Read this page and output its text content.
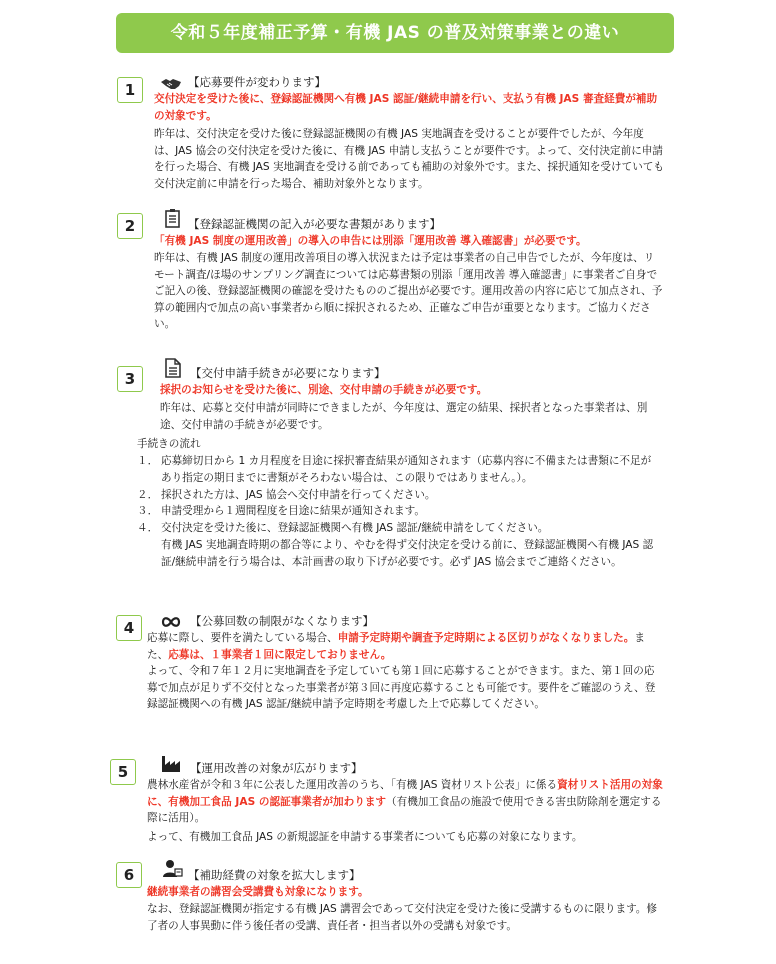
令和５年度補正予算・有機 JAS の普及対策事業との違い
1	【応募要件が変わります】
交付決定を受けた後に、登録認証機関へ有機 JAS 認証/継続申請を行い、支払う有機 JAS 審査経費が補助の対象です。
昨年は、交付決定を受けた後に登録認証機関の有機 JAS 実地調査を受けることが要件でしたが、今年度は、JAS 協会の交付決定を受けた後に、有機 JAS 申請し支払うことが要件です。よって、交付決定前に申請を行った場合、有機 JAS 実地調査を受ける前であっても補助の対象外です。また、採択通知を受けていても交付決定前に申請を行った場合、補助対象外となります。
2	【登録認証機関の記入が必要な書類があります】
「有機 JAS 制度の運用改善」の導入の申告には別添「運用改善 導入確認書」が必要です。
昨年は、有機 JAS 制度の運用改善項目の導入状況または予定は事業者の自己申告でしたが、今年度は、リモート調査/ほ場のサンプリング調査については応募書類の別添「運用改善 導入確認書」に事業者ご自身でご記入の後、登録認証機関の確認を受けたもののご提出が必要です。運用改善の内容に応じて加点され、予算の範囲内で加点の高い事業者から順に採択されるため、正確なご申告が重要となります。ご協力ください。
3	【交付申請手続きが必要になります】
採択のお知らせを受けた後に、別途、交付申請の手続きが必要です。
昨年は、応募と交付申請が同時にできましたが、今年度は、選定の結果、採択者となった事業者は、別途、交付申請の手続きが必要です。
手続きの流れ
１． 応募締切日から 1 カ月程度を目途に採択審査結果が通知されます（応募内容に不備または書類に不足があり指定の期日までに書類がそろわない場合は、この限りではありません。）。
２． 採択された方は、JAS 協会へ交付申請を行ってください。
３． 申請受理から１週間程度を目途に結果が通知されます。
４． 交付決定を受けた後に、登録認証機関へ有機 JAS 認証/継続申請をしてください。
有機 JAS 実地調査時期の都合等により、やむを得ず交付決定を受ける前に、登録認証機関へ有機 JAS 認証/継続申請を行う場合は、本計画書の取り下げが必要です。必ず JAS 協会までご連絡ください。
4	【公募回数の制限がなくなります】
応募に際し、要件を満たしている場合、申請予定時期や調査予定時期による区切りがなくなりました。また、応募は、１事業者１回に限定しておりません。
よって、令和７年１２月に実地調査を予定していても第１回に応募することができます。また、第１回の応募で加点が足りず不交付となった事業者が第３回に再度応募することも可能です。要件をご確認のうえ、登録認証機関への有機 JAS 認証/継続申請予定時期を考慮した上で応募してください。
5	【運用改善の対象が広がります】
農林水産省が令和３年に公表した運用改善のうち、「有機 JAS 資材リスト公表」に係る資材リスト活用の対象に、有機加工食品 JAS の認証事業者が加わります（有機加工食品の施設で使用できる害虫防除剤を選定する際に活用）。
よって、有機加工食品 JAS の新規認証を申請する事業者についても応募の対象になります。
6	【補助経費の対象を拡大します】
継続事業者の講習会受講費も対象になります。
なお、登録認証機関が指定する有機 JAS 講習会であって交付決定を受けた後に受講するものに限ります。修了者の人事異動に伴う後任者の受講、責任者・担当者以外の受講も対象です。
